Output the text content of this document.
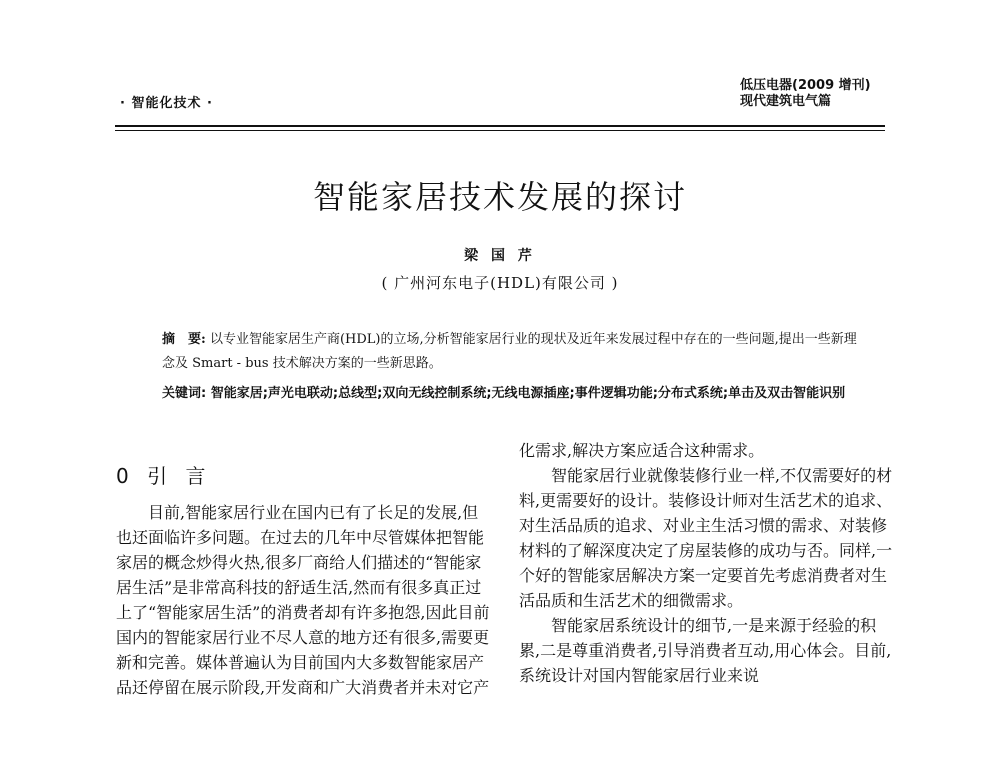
· 智能化技术 ·
低压电器(2009 增刊)
现代建筑电气篇
智能家居技术发展的探讨
梁 国 芹
( 广州河东电子(HDL)有限公司 )
摘　要: 以专业智能家居生产商(HDL)的立场,分析智能家居行业的现状及近年来发展过程中存在的一些问题,提出一些新理念及 Smart - bus 技术解决方案的一些新思路。
关键词: 智能家居;声光电联动;总线型;双向无线控制系统;无线电源插座;事件逻辑功能;分布式系统;单击及双击智能识别
0 引 言

目前,智能家居行业在国内已有了长足的发展,但也还面临许多问题。在过去的几年中尽管媒体把智能家居的概念炒得火热,很多厂商给人们描述的“智能家居生活”是非常高科技的舒适生活,然而有很多真正过上了“智能家居生活”的消费者却有许多抱怨,因此目前国内的智能家居行业不尽人意的地方还有很多,需要更新和完善。媒体普遍认为目前国内大多数智能家居产品还停留在展示阶段,开发商和广大消费者并未对它产

化需求,解决方案应适合这种需求。

智能家居行业就像装修行业一样,不仅需要好的材料,更需要好的设计。装修设计师对生活艺术的追求、对生活品质的追求、对业主生活习惯的需求、对装修材料的了解深度决定了房屋装修的成功与否。同样,一个好的智能家居解决方案一定要首先考虑消费者对生活品质和生活艺术的细微需求。

智能家居系统设计的细节,一是来源于经验的积累,二是尊重消费者,引导消费者互动,用心体会。目前,系统设计对国内智能家居行业来说
